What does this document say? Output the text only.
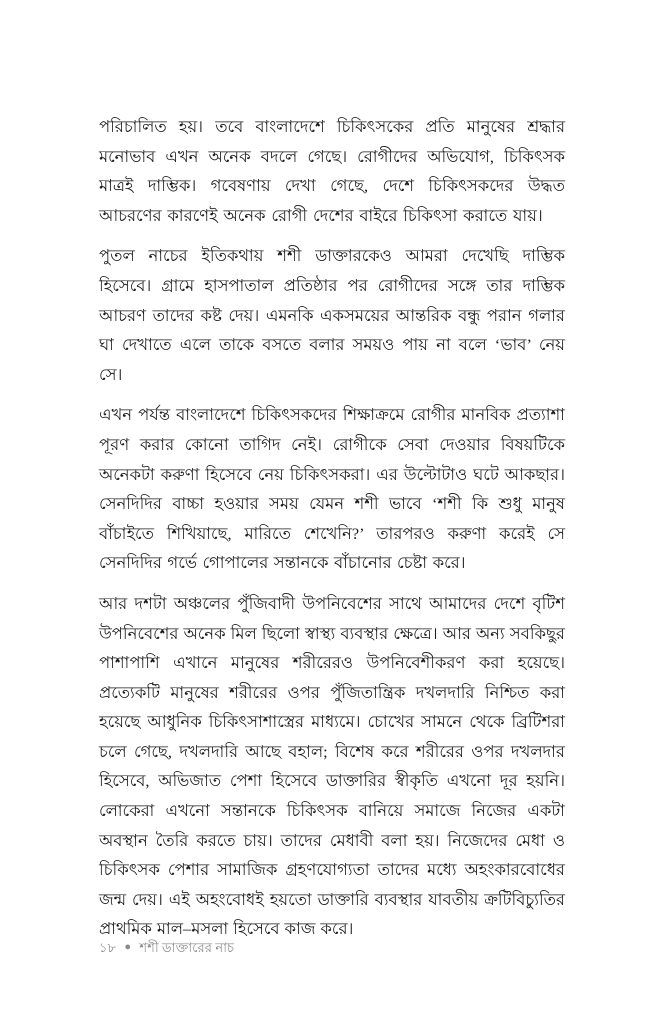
পরিচালিত হয়। তবে বাংলাদেশে চিকিৎসকের প্রতি মানুষের শ্রদ্ধার মনোভাব এখন অনেক বদলে গেছে। রোগীদের অভিযোগ, চিকিৎসক মাত্রই দাম্ভিক। গবেষণায় দেখা গেছে, দেশে চিকিৎসকদের উদ্ধত আচরণের কারণেই অনেক রোগী দেশের বাইরে চিকিৎসা করাতে যায়।

পুতল নাচের ইতিকথায় শশী ডাক্তারকেও আমরা দেখেছি দাম্ভিক হিসেবে। গ্রামে হাসপাতাল প্রতিষ্ঠার পর রোগীদের সঙ্গে তার দাম্ভিক আচরণ তাদের কষ্ট দেয়। এমনকি একসময়ের আন্তরিক বন্ধু পরান গলার ঘা দেখাতে এলে তাকে বসতে বলার সময়ও পায় না বলে ‘ভাব’ নেয় সে।

এখন পর্যন্ত বাংলাদেশে চিকিৎসকদের শিক্ষাক্রমে রোগীর মানবিক প্রত্যাশা পূরণ করার কোনো তাগিদ নেই। রোগীকে সেবা দেওয়ার বিষয়টিকে অনেকটা করুণা হিসেবে নেয় চিকিৎসকরা। এর উল্টোটাও ঘটে আকছার। সেনদিদির বাচ্চা হওয়ার সময় যেমন শশী ভাবে ‘শশী কি শুধু মানুষ বাঁচাইতে শিখিয়াছে, মারিতে শেখেনি?’ তারপরও করুণা করেই সে সেনদিদির গর্ভে গোপালের সন্তানকে বাঁচানোর চেষ্টা করে।

আর দশটা অঞ্চলের পুঁজিবাদী উপনিবেশের সাথে আমাদের দেশে বৃটিশ উপনিবেশের অনেক মিল ছিলো স্বাস্থ্য ব্যবস্থার ক্ষেত্রে। আর অন্য সবকিছুর পাশাপাশি এখানে মানুষের শরীরেরও উপনিবেশীকরণ করা হয়েছে। প্রত্যেকটি মানুষের শরীরের ওপর পুঁজিতান্ত্রিক দখলদারি নিশ্চিত করা হয়েছে আধুনিক চিকিৎসাশাস্ত্রের মাধ্যমে। চোখের সামনে থেকে ব্রিটিশরা চলে গেছে, দখলদারি আছে বহাল; বিশেষ করে শরীরের ওপর দখলদার হিসেবে, অভিজাত পেশা হিসেবে ডাক্তারির স্বীকৃতি এখনো দূর হয়নি। লোকেরা এখনো সন্তানকে চিকিৎসক বানিয়ে সমাজে নিজের একটা অবস্থান তৈরি করতে চায়। তাদের মেধাবী বলা হয়। নিজেদের মেধা ও চিকিৎসক পেশার সামাজিক গ্রহণযোগ্যতা তাদের মধ্যে অহংকারবোধের জন্ম দেয়। এই অহংবোধই হয়তো ডাক্তারি ব্যবস্থার যাবতীয় ক্রটিবিচ্যুতির প্রাথমিক মাল–মসলা হিসেবে কাজ করে।

১৮ ● শশী ডাক্তারের নাচ
